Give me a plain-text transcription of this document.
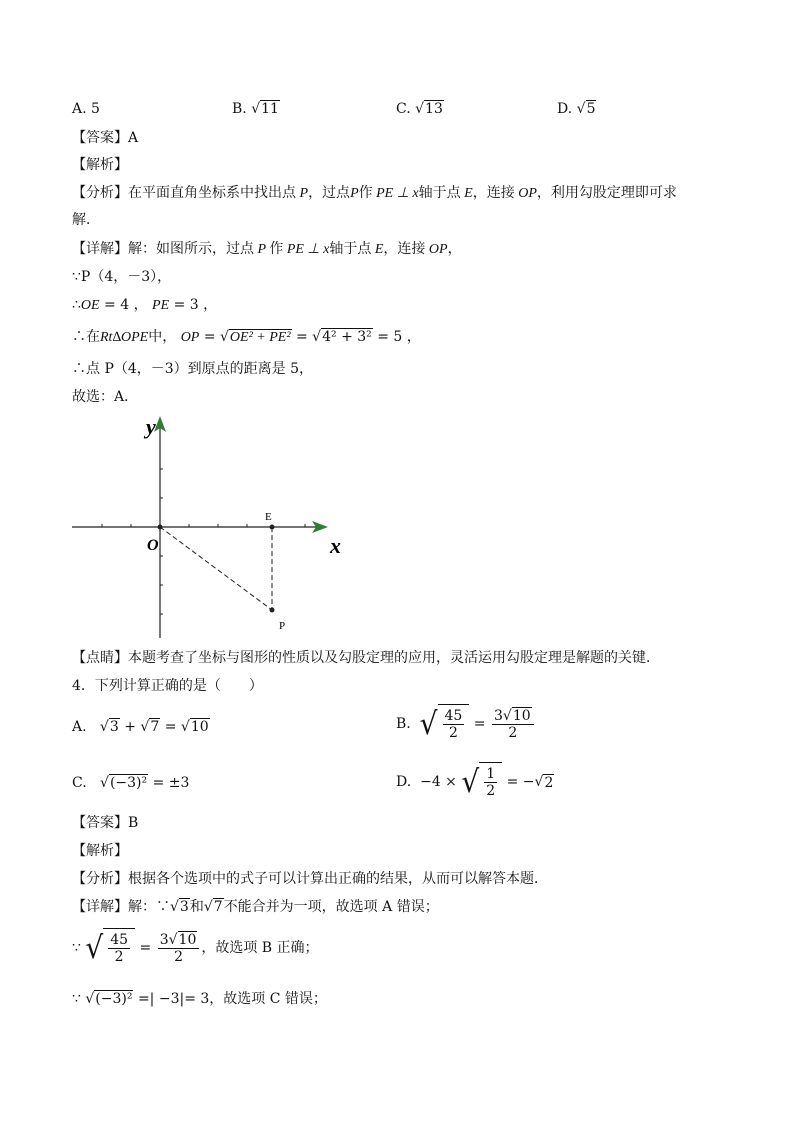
A. 5	B. √11	C. √13	D. √5
【答案】A
【解析】
【分析】在平面直角坐标系中找出点 P，过点P作 PE ⊥ x轴于点 E，连接 OP，利用勾股定理即可求
解．
【详解】解：如图所示，过点 P 作 PE ⊥ x轴于点 E，连接 OP，
∵P（4，－3），
∴OE = 4 ， PE = 3 ，
∴在Rt∆OPE中， OP = √OE² + PE² = √4² + 3² = 5 ，
∴点 P（4，－3）到原点的距离是 5，
故选：A．
y
x
O
E
P
【点睛】本题考查了坐标与图形的性质以及勾股定理的应用，灵活运用勾股定理是解题的关键．
4．下列计算正确的是（　　）
A. √3 + √7 = √10	B. √ $\frac{45}{2} = \frac{3√10}{2}$
C. √(−3)² = ±3	D. −4 × √ $\frac{1}{2} = -√2$
【答案】B
【解析】
【分析】根据各个选项中的式子可以计算出正确的结果，从而可以解答本题．
【详解】解：∵√3和√7不能合并为一项，故选项 A 错误；
∵ √ $\frac{45}{2} = \frac{3√10}{2}$ ，故选项 B 正确；
∵ √(−3)² =| −3|= 3，故选项 C 错误；
